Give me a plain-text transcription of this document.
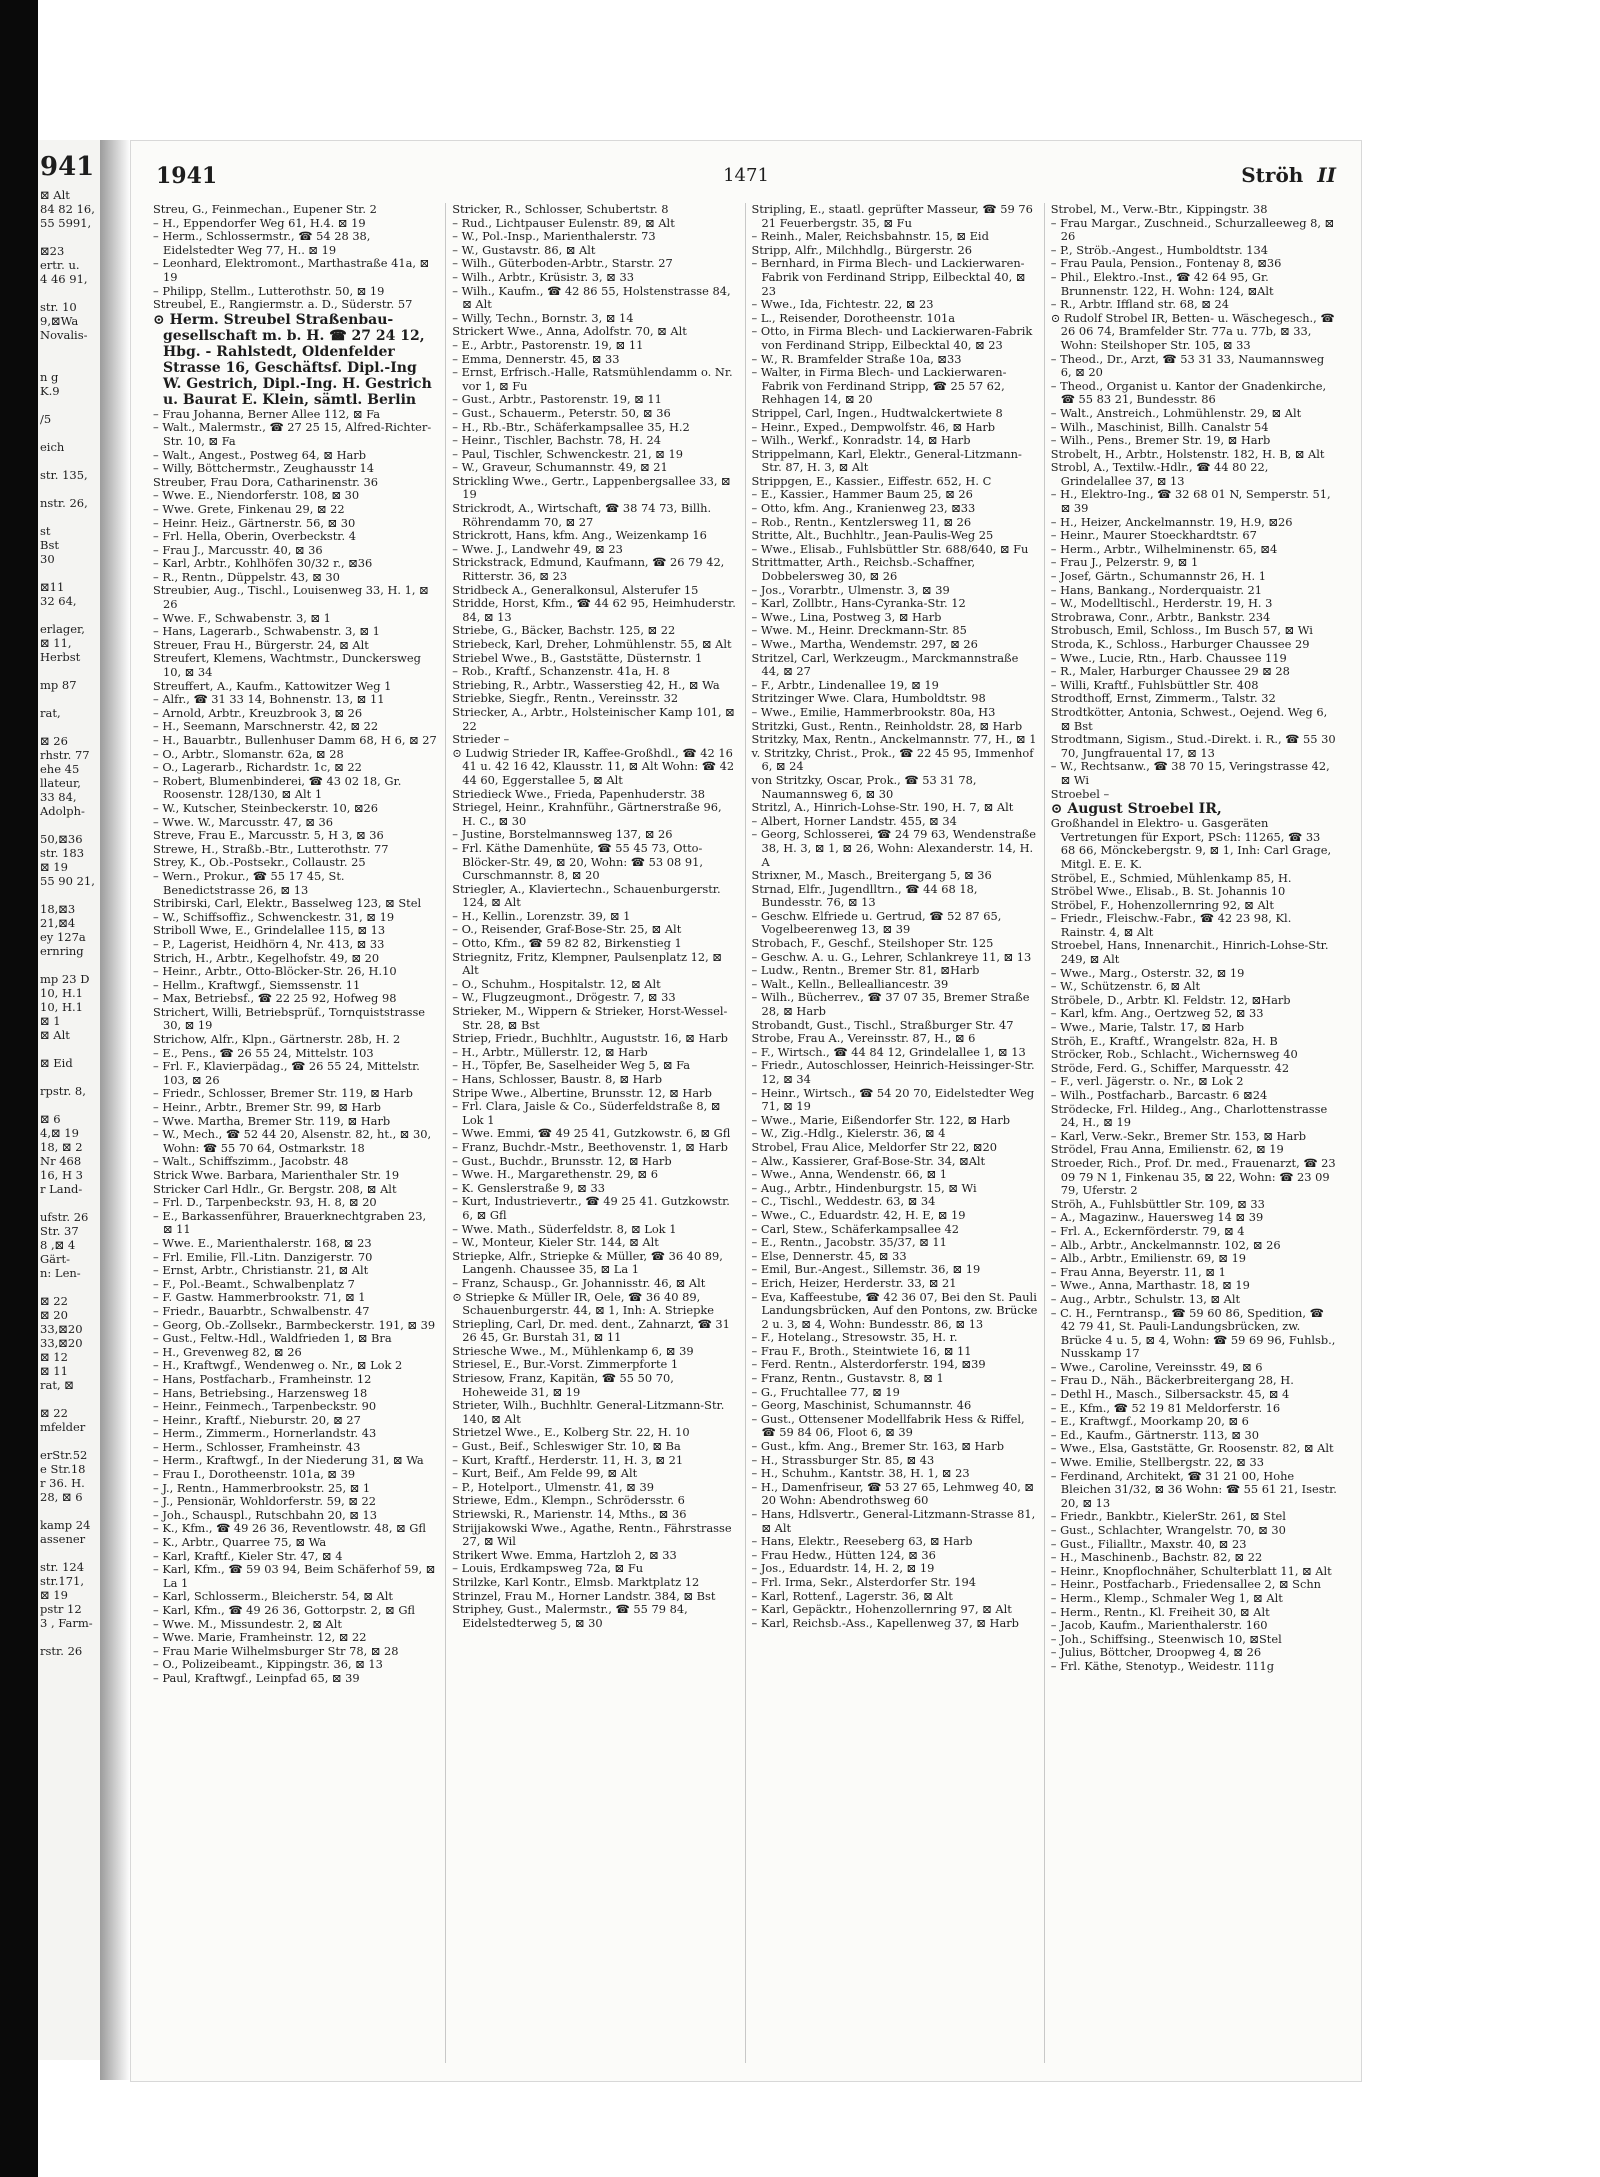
941
⊠ Alt
84 82 16,
55 5991,

⊠23
ertr. u.
4 46 91,

str. 10
9,⊠Wa
Novalis-

n g
K.9

/5

eich

str. 135,

nstr. 26,

st
Bst
30

⊠11
32 64,

erlager,
⊠ 11,
Herbst

mp 87

rat,

⊠ 26
rhstr. 77
ehe 45
llateur,
33 84,
Adolph-

50,⊠36
str. 183
⊠ 19
55 90 21,

18,⊠3
21,⊠4
ey 127a
ernring

mp 23 D
10, H.1
10, H.1
⊠ 1
⊠ Alt

⊠ Eid

rpstr. 8,

⊠ 6
4,⊠ 19
18, ⊠ 2
Nr 468
16, H 3
r Land-

ufstr. 26
Str. 37
8 ,⊠ 4
Gärt-
n: Len-

⊠ 22
⊠ 20
33,⊠20
33,⊠20
⊠ 12
⊠ 11
rat, ⊠

⊠ 22
mfelder

erStr.52
e Str.18
r 36. H.
28, ⊠ 6

kamp 24
assener

str. 124
str.171,
⊠ 19
pstr 12
3 , Farm-

rstr. 26
1941	1471	Ströh II

Streu, G., Feinmechan., Eupener Str. 2

– H., Eppendorfer Weg 61, H.4. ⊠ 19

– Herm., Schlossermstr., ☎ 54 28 38, Eidelstedter Weg 77, H.. ⊠ 19

– Leonhard, Elektromont., Marthastraße 41a, ⊠ 19

– Philipp, Stellm., Lutterothstr. 50, ⊠ 19

Streubel, E., Rangiermstr. a. D., Süderstr. 57

⊙ Herm. Streubel Straßenbau-gesellschaft m. b. H. ☎ 27 24 12, Hbg. - Rahlstedt, Oldenfelder Strasse 16, Geschäftsf. Dipl.-Ing W. Gestrich, Dipl.-Ing. H. Gestrich u. Baurat E. Klein, sämtl. Berlin

– Frau Johanna, Berner Allee 112, ⊠ Fa

– Walt., Malermstr., ☎ 27 25 15, Alfred-Richter-Str. 10, ⊠ Fa

– Walt., Angest., Postweg 64, ⊠ Harb

– Willy, Böttchermstr., Zeughausstr 14

Streuber, Frau Dora, Catharinenstr. 36

– Wwe. E., Niendorferstr. 108, ⊠ 30

– Wwe. Grete, Finkenau 29, ⊠ 22

– Heinr. Heiz., Gärtnerstr. 56, ⊠ 30

– Frl. Hella, Oberin, Overbeckstr. 4

– Frau J., Marcusstr. 40, ⊠ 36

– Karl, Arbtr., Kohlhöfen 30/32 r., ⊠36

– R., Rentn., Düppelstr. 43, ⊠ 30

Streubier, Aug., Tischl., Louisenweg 33, H. 1, ⊠ 26

– Wwe. F., Schwabenstr. 3, ⊠ 1

– Hans, Lagerarb., Schwabenstr. 3, ⊠ 1

Streuer, Frau H., Bürgerstr. 24, ⊠ Alt

Streufert, Klemens, Wachtmstr., Dunckersweg 10, ⊠ 34

Streuffert, A., Kaufm., Kattowitzer Weg 1

– Alfr., ☎ 31 33 14, Bohnenstr. 13, ⊠ 11

– Arnold, Arbtr., Kreuzbrook 3, ⊠ 26

– H., Seemann, Marschnerstr. 42, ⊠ 22

– H., Bauarbtr., Bullenhuser Damm 68, H 6, ⊠ 27

– O., Arbtr., Slomanstr. 62a, ⊠ 28

– O., Lagerarb., Richardstr. 1c, ⊠ 22

– Robert, Blumenbinderei, ☎ 43 02 18, Gr. Roosenstr. 128/130, ⊠ Alt 1

– W., Kutscher, Steinbeckerstr. 10, ⊠26

– Wwe. W., Marcusstr. 47, ⊠ 36

Streve, Frau E., Marcusstr. 5, H 3, ⊠ 36

Strewe, H., Straßb.-Btr., Lutterothstr. 77

Strey, K., Ob.-Postsekr., Collaustr. 25

– Wern., Prokur., ☎ 55 17 45, St. Benedictstrasse 26, ⊠ 13

Stribirski, Carl, Elektr., Basselweg 123, ⊠ Stel

– W., Schiffsoffiz., Schwenckestr. 31, ⊠ 19

Striboll Wwe, E., Grindelallee 115, ⊠ 13

– P., Lagerist, Heidhörn 4, Nr. 413, ⊠ 33

Strich, H., Arbtr., Kegelhofstr. 49, ⊠ 20

– Heinr., Arbtr., Otto-Blöcker-Str. 26, H.10

– Hellm., Kraftwgf., Siemssenstr. 11

– Max, Betriebsf., ☎ 22 25 92, Hofweg 98

Strichert, Willi, Betriebsprüf., Tornquiststrasse 30, ⊠ 19

Strichow, Alfr., Klpn., Gärtnerstr. 28b, H. 2

– E., Pens., ☎ 26 55 24, Mittelstr. 103

– Frl. F., Klavierpädag., ☎ 26 55 24, Mittelstr. 103, ⊠ 26

– Friedr., Schlosser, Bremer Str. 119, ⊠ Harb

– Heinr., Arbtr., Bremer Str. 99, ⊠ Harb

– Wwe. Martha, Bremer Str. 119, ⊠ Harb

– W., Mech., ☎ 52 44 20, Alsenstr. 82, ht., ⊠ 30, Wohn: ☎ 55 70 64, Ostmarkstr. 18

– Walt., Schiffszimm., Jacobstr. 48

Strick Wwe. Barbara, Marienthaler Str. 19

Stricker Carl Hdlr., Gr. Bergstr. 208, ⊠ Alt

– Frl. D., Tarpenbeckstr. 93, H. 8, ⊠ 20

– E., Barkassenführer, Brauerknechtgraben 23, ⊠ 11

– Wwe. E., Marienthalerstr. 168, ⊠ 23

– Frl. Emilie, Fll.-Litn. Danzigerstr. 70

– Ernst, Arbtr., Christianstr. 21, ⊠ Alt

– F., Pol.-Beamt., Schwalbenplatz 7

– F. Gastw. Hammerbrookstr. 71, ⊠ 1

– Friedr., Bauarbtr., Schwalbenstr. 47

– Georg, Ob.-Zollsekr., Barmbeckerstr. 191, ⊠ 39

– Gust., Feltw.-Hdl., Waldfrieden 1, ⊠ Bra

– H., Grevenweg 82, ⊠ 26

– H., Kraftwgf., Wendenweg o. Nr., ⊠ Lok 2

– Hans, Postfacharb., Framheinstr. 12

– Hans, Betriebsing., Harzensweg 18

– Heinr., Feinmech., Tarpenbeckstr. 90

– Heinr., Kraftf., Nieburstr. 20, ⊠ 27

– Herm., Zimmerm., Hornerlandstr. 43

– Herm., Schlosser, Framheinstr. 43

– Herm., Kraftwgf., In der Niederung 31, ⊠ Wa

– Frau I., Dorotheenstr. 101a, ⊠ 39

– J., Rentn., Hammerbrookstr. 25, ⊠ 1

– J., Pensionär, Wohldorferstr. 59, ⊠ 22

– Joh., Schauspl., Rutschbahn 20, ⊠ 13

– K., Kfm., ☎ 49 26 36, Reventlowstr. 48, ⊠ Gfl

– K., Arbtr., Quarree 75, ⊠ Wa

– Karl, Kraftf., Kieler Str. 47, ⊠ 4

– Karl, Kfm., ☎ 59 03 94, Beim Schäferhof 59, ⊠ La 1

– Karl, Schlosserm., Bleicherstr. 54, ⊠ Alt

– Karl, Kfm., ☎ 49 26 36, Gottorpstr. 2, ⊠ Gfl

– Wwe. M., Missundestr. 2, ⊠ Alt

– Wwe. Marie, Framheinstr. 12, ⊠ 22

– Frau Marie Wilhelmsburger Str 78, ⊠ 28

– O., Polizeibeamt., Kippingstr. 36, ⊠ 13

– Paul, Kraftwgf., Leinpfad 65, ⊠ 39

Stricker, R., Schlosser, Schubertstr. 8

– Rud., Lichtpauser Eulenstr. 89, ⊠ Alt

– W., Pol.-Insp., Marienthalerstr. 73

– W., Gustavstr. 86, ⊠ Alt

– Wilh., Güterboden-Arbtr., Starstr. 27

– Wilh., Arbtr., Krüsistr. 3, ⊠ 33

– Wilh., Kaufm., ☎ 42 86 55, Holstenstrasse 84, ⊠ Alt

– Willy, Techn., Bornstr. 3, ⊠ 14

Strickert Wwe., Anna, Adolfstr. 70, ⊠ Alt

– E., Arbtr., Pastorenstr. 19, ⊠ 11

– Emma, Dennerstr. 45, ⊠ 33

– Ernst, Erfrisch.-Halle, Ratsmühlendamm o. Nr. vor 1, ⊠ Fu

– Gust., Arbtr., Pastorenstr. 19, ⊠ 11

– Gust., Schauerm., Peterstr. 50, ⊠ 36

– H., Rb.-Btr., Schäferkampsallee 35, H.2

– Heinr., Tischler, Bachstr. 78, H. 24

– Paul, Tischler, Schwenckestr. 21, ⊠ 19

– W., Graveur, Schumannstr. 49, ⊠ 21

Strickling Wwe., Gertr., Lappenbergsallee 33, ⊠ 19

Strickrodt, A., Wirtschaft, ☎ 38 74 73, Billh. Röhrendamm 70, ⊠ 27

Strickrott, Hans, kfm. Ang., Weizenkamp 16

– Wwe. J., Landwehr 49, ⊠ 23

Strickstrack, Edmund, Kaufmann, ☎ 26 79 42, Ritterstr. 36, ⊠ 23

Stridbeck A., Generalkonsul, Alsterufer 15

Stridde, Horst, Kfm., ☎ 44 62 95, Heimhuderstr. 84, ⊠ 13

Striebe, G., Bäcker, Bachstr. 125, ⊠ 22

Striebeck, Karl, Dreher, Lohmühlenstr. 55, ⊠ Alt

Striebel Wwe., B., Gaststätte, Düsternstr. 1

– Rob., Kraftf., Schanzenstr. 41a, H. 8

Striebing, R., Arbtr., Wasserstieg 42, H., ⊠ Wa

Striebke, Siegfr., Rentn., Vereinsstr. 32

Striecker, A., Arbtr., Holsteinischer Kamp 101, ⊠ 22

Strieder –

⊙ Ludwig Strieder IR, Kaffee-Großhdl., ☎ 42 16 41 u. 42 16 42, Klausstr. 11, ⊠ Alt Wohn: ☎ 42 44 60, Eggerstallee 5, ⊠ Alt

Striedieck Wwe., Frieda, Papenhuderstr. 38

Striegel, Heinr., Krahnführ., Gärtnerstraße 96, H. C., ⊠ 30

– Justine, Borstelmannsweg 137, ⊠ 26

– Frl. Käthe Damenhüte, ☎ 55 45 73, Otto-Blöcker-Str. 49, ⊠ 20, Wohn: ☎ 53 08 91, Curschmannstr. 8, ⊠ 20

Striegler, A., Klaviertechn., Schauenburgerstr. 124, ⊠ Alt

– H., Kellin., Lorenzstr. 39, ⊠ 1

– O., Reisender, Graf-Bose-Str. 25, ⊠ Alt

– Otto, Kfm., ☎ 59 82 82, Birkenstieg 1

Striegnitz, Fritz, Klempner, Paulsenplatz 12, ⊠ Alt

– O., Schuhm., Hospitalstr. 12, ⊠ Alt

– W., Flugzeugmont., Drögestr. 7, ⊠ 33

Strieker, M., Wippern & Strieker, Horst-Wessel-Str. 28, ⊠ Bst

Striep, Friedr., Buchhltr., Auguststr. 16, ⊠ Harb

– H., Arbtr., Müllerstr. 12, ⊠ Harb

– H., Töpfer, Be, Saselheider Weg 5, ⊠ Fa

– Hans, Schlosser, Baustr. 8, ⊠ Harb

Stripe Wwe., Albertine, Brunsstr. 12, ⊠ Harb

– Frl. Clara, Jaisle & Co., Süderfeldstraße 8, ⊠ Lok 1

– Wwe. Emmi, ☎ 49 25 41, Gutzkowstr. 6, ⊠ Gfl

– Franz, Buchdr.-Mstr., Beethovenstr. 1, ⊠ Harb

– Gust., Buchdr., Brunsstr. 12, ⊠ Harb

– Wwe. H., Margarethenstr. 29, ⊠ 6

– K. Genslerstraße 9, ⊠ 33

– Kurt, Industrievertr., ☎ 49 25 41. Gutzkowstr. 6, ⊠ Gfl

– Wwe. Math., Süderfeldstr. 8, ⊠ Lok 1

– W., Monteur, Kieler Str. 144, ⊠ Alt

Striepke, Alfr., Striepke & Müller, ☎ 36 40 89, Langenh. Chaussee 35, ⊠ La 1

– Franz, Schausp., Gr. Johannisstr. 46, ⊠ Alt

⊙ Striepke & Müller IR, Oele, ☎ 36 40 89, Schauenburgerstr. 44, ⊠ 1, Inh: A. Striepke

Striepling, Carl, Dr. med. dent., Zahnarzt, ☎ 31 26 45, Gr. Burstah 31, ⊠ 11

Striesche Wwe., M., Mühlenkamp 6, ⊠ 39

Striesel, E., Bur.-Vorst. Zimmerpforte 1

Striesow, Franz, Kapitän, ☎ 55 50 70, Hoheweide 31, ⊠ 19

Strieter, Wilh., Buchhltr. General-Litzmann-Str. 140, ⊠ Alt

Strietzel Wwe., E., Kolberg Str. 22, H. 10

– Gust., Beif., Schleswiger Str. 10, ⊠ Ba

– Kurt, Kraftf., Herderstr. 11, H. 3, ⊠ 21

– Kurt, Beif., Am Felde 99, ⊠ Alt

– P., Hotelport., Ulmenstr. 41, ⊠ 39

Striewe, Edm., Klempn., Schrödersstr. 6

Striewski, R., Marienstr. 14, Mths., ⊠ 36

Strijjakowski Wwe., Agathe, Rentn., Fährstrasse 27, ⊠ Wil

Strikert Wwe. Emma, Hartzloh 2, ⊠ 33

– Louis, Erdkampsweg 72a, ⊠ Fu

Strilzke, Karl Kontr., Elmsb. Marktplatz 12

Strinzel, Frau M., Horner Landstr. 384, ⊠ Bst

Striphey, Gust., Malermstr., ☎ 55 79 84, Eidelstedterweg 5, ⊠ 30

Stripling, E., staatl. geprüfter Masseur, ☎ 59 76 21 Feuerbergstr. 35, ⊠ Fu

– Reinh., Maler, Reichsbahnstr. 15, ⊠ Eid

Stripp, Alfr., Milchhdlg., Bürgerstr. 26

– Bernhard, in Firma Blech- und Lackierwaren-Fabrik von Ferdinand Stripp, Eilbecktal 40, ⊠ 23

– Wwe., Ida, Fichtestr. 22, ⊠ 23

– L., Reisender, Dorotheenstr. 101a

– Otto, in Firma Blech- und Lackierwaren-Fabrik von Ferdinand Stripp, Eilbecktal 40, ⊠ 23

– W., R. Bramfelder Straße 10a, ⊠33

– Walter, in Firma Blech- und Lackierwaren-Fabrik von Ferdinand Stripp, ☎ 25 57 62, Rehhagen 14, ⊠ 20

Strippel, Carl, Ingen., Hudtwalckertwiete 8

– Heinr., Exped., Dempwolfstr. 46, ⊠ Harb

– Wilh., Werkf., Konradstr. 14, ⊠ Harb

Strippelmann, Karl, Elektr., General-Litzmann-Str. 87, H. 3, ⊠ Alt

Strippgen, E., Kassier., Eiffestr. 652, H. C

– E., Kassier., Hammer Baum 25, ⊠ 26

– Otto, kfm. Ang., Kranienweg 23, ⊠33

– Rob., Rentn., Kentzlersweg 11, ⊠ 26

Stritte, Alt., Buchhltr., Jean-Paulis-Weg 25

– Wwe., Elisab., Fuhlsbüttler Str. 688/640, ⊠ Fu

Strittmatter, Arth., Reichsb.-Schaffner, Dobbelersweg 30, ⊠ 26

– Jos., Vorarbtr., Ulmenstr. 3, ⊠ 39

– Karl, Zollbtr., Hans-Cyranka-Str. 12

– Wwe., Lina, Postweg 3, ⊠ Harb

– Wwe. M., Heinr. Dreckmann-Str. 85

– Wwe., Martha, Wendemstr. 297, ⊠ 26

Stritzel, Carl, Werkzeugm., Marckmannstraße 44, ⊠ 27

– F., Arbtr., Lindenallee 19, ⊠ 19

Stritzinger Wwe. Clara, Humboldtstr. 98

– Wwe., Emilie, Hammerbrookstr. 80a, H3

Stritzki, Gust., Rentn., Reinholdstr. 28, ⊠ Harb

Stritzky, Max, Rentn., Anckelmannstr. 77, H., ⊠ 1

v. Stritzky, Christ., Prok., ☎ 22 45 95, Immenhof 6, ⊠ 24

von Stritzky, Oscar, Prok., ☎ 53 31 78, Naumannsweg 6, ⊠ 30

Stritzl, A., Hinrich-Lohse-Str. 190, H. 7, ⊠ Alt

– Albert, Horner Landstr. 455, ⊠ 34

– Georg, Schlosserei, ☎ 24 79 63, Wendenstraße 38, H. 3, ⊠ 1, ⊠ 26, Wohn: Alexanderstr. 14, H. A

Strixner, M., Masch., Breitergang 5, ⊠ 36

Strnad, Elfr., Jugendlltrn., ☎ 44 68 18, Bundesstr. 76, ⊠ 13

– Geschw. Elfriede u. Gertrud, ☎ 52 87 65, Vogelbeerenweg 13, ⊠ 39

Strobach, F., Geschf., Steilshoper Str. 125

– Geschw. A. u. G., Lehrer, Schlankreye 11, ⊠ 13

– Ludw., Rentn., Bremer Str. 81, ⊠Harb

– Walt., Kelln., Bellealliancestr. 39

– Wilh., Bücherrev., ☎ 37 07 35, Bremer Straße 28, ⊠ Harb

Strobandt, Gust., Tischl., Straßburger Str. 47

Strobe, Frau A., Vereinsstr. 87, H., ⊠ 6

– F., Wirtsch., ☎ 44 84 12, Grindelallee 1, ⊠ 13

– Friedr., Autoschlosser, Heinrich-Heissinger-Str. 12, ⊠ 34

– Heinr., Wirtsch., ☎ 54 20 70, Eidelstedter Weg 71, ⊠ 19

– Wwe., Marie, Eißendorfer Str. 122, ⊠ Harb

– W., Zig.-Hdlg., Kielerstr. 36, ⊠ 4

Strobel, Frau Alice, Meldorfer Str 22, ⊠20

– Alw., Kassierer, Graf-Bose-Str. 34, ⊠Alt

– Wwe., Anna, Wendenstr. 66, ⊠ 1

– Aug., Arbtr., Hindenburgstr. 15, ⊠ Wi

– C., Tischl., Weddestr. 63, ⊠ 34

– Wwe., C., Eduardstr. 42, H. E, ⊠ 19

– Carl, Stew., Schäferkampsallee 42

– E., Rentn., Jacobstr. 35/37, ⊠ 11

– Else, Dennerstr. 45, ⊠ 33

– Emil, Bur.-Angest., Sillemstr. 36, ⊠ 19

– Erich, Heizer, Herderstr. 33, ⊠ 21

– Eva, Kaffeestube, ☎ 42 36 07, Bei den St. Pauli Landungsbrücken, Auf den Pontons, zw. Brücke 2 u. 3, ⊠ 4, Wohn: Bundesstr. 86, ⊠ 13

– F., Hotelang., Stresowstr. 35, H. r.

– Frau F., Broth., Steintwiete 16, ⊠ 11

– Ferd. Rentn., Alsterdorferstr. 194, ⊠39

– Franz, Rentn., Gustavstr. 8, ⊠ 1

– G., Fruchtallee 77, ⊠ 19

– Georg, Maschinist, Schumannstr. 46

– Gust., Ottensener Modellfabrik Hess & Riffel, ☎ 59 84 06, Floot 6, ⊠ 39

– Gust., kfm. Ang., Bremer Str. 163, ⊠ Harb

– H., Strassburger Str. 85, ⊠ 43

– H., Schuhm., Kantstr. 38, H. 1, ⊠ 23

– H., Damenfriseur, ☎ 53 27 65, Lehmweg 40, ⊠ 20 Wohn: Abendrothsweg 60

– Hans, Hdlsvertr., General-Litzmann-Strasse 81, ⊠ Alt

– Hans, Elektr., Reeseberg 63, ⊠ Harb

– Frau Hedw., Hütten 124, ⊠ 36

– Jos., Eduardstr. 14, H. 2, ⊠ 19

– Frl. Irma, Sekr., Alsterdorfer Str. 194

– Karl, Rottenf., Lagerstr. 36, ⊠ Alt

– Karl, Gepäcktr., Hohenzollernring 97, ⊠ Alt

– Karl, Reichsb.-Ass., Kapellenweg 37, ⊠ Harb

Strobel, M., Verw.-Btr., Kippingstr. 38

– Frau Margar., Zuschneid., Schurzalleeweg 8, ⊠ 26

– P., Ströb.-Angest., Humboldtstr. 134

– Frau Paula, Pension., Fontenay 8, ⊠36

– Phil., Elektro.-Inst., ☎ 42 64 95, Gr. Brunnenstr. 122, H. Wohn: 124, ⊠Alt

– R., Arbtr. Iffland str. 68, ⊠ 24

⊙ Rudolf Strobel IR, Betten- u. Wäschegesch., ☎ 26 06 74, Bramfelder Str. 77a u. 77b, ⊠ 33, Wohn: Steilshoper Str. 105, ⊠ 33

– Theod., Dr., Arzt, ☎ 53 31 33, Naumannsweg 6, ⊠ 20

– Theod., Organist u. Kantor der Gnadenkirche, ☎ 55 83 21, Bundesstr. 86

– Walt., Anstreich., Lohmühlenstr. 29, ⊠ Alt

– Wilh., Maschinist, Billh. Canalstr 54

– Wilh., Pens., Bremer Str. 19, ⊠ Harb

Strobelt, H., Arbtr., Holstenstr. 182, H. B, ⊠ Alt

Strobl, A., Textilw.-Hdlr., ☎ 44 80 22, Grindelallee 37, ⊠ 13

– H., Elektro-Ing., ☎ 32 68 01 N, Semperstr. 51, ⊠ 39

– H., Heizer, Anckelmannstr. 19, H.9, ⊠26

– Heinr., Maurer Stoeckhardtstr. 67

– Herm., Arbtr., Wilhelminenstr. 65, ⊠4

– Frau J., Pelzerstr. 9, ⊠ 1

– Josef, Gärtn., Schumannstr 26, H. 1

– Hans, Bankang., Norderquaistr. 21

– W., Modelltischl., Herderstr. 19, H. 3

Strobrawa, Conr., Arbtr., Bankstr. 234

Strobusch, Emil, Schloss., Im Busch 57, ⊠ Wi

Stroda, K., Schloss., Harburger Chaussee 29

– Wwe., Lucie, Rtn., Harb. Chaussee 119

– R., Maler, Harburger Chaussee 29 ⊠ 28

– Willi, Kraftf., Fuhlsbüttler Str. 408

Strodthoff, Ernst, Zimmerm., Talstr. 32

Strodtkötter, Antonia, Schwest., Oejend. Weg 6, ⊠ Bst

Strodtmann, Sigism., Stud.-Direkt. i. R., ☎ 55 30 70, Jungfrauental 17, ⊠ 13

– W., Rechtsanw., ☎ 38 70 15, Veringstrasse 42, ⊠ Wi

Stroebel –

⊙ August Stroebel IR,

Großhandel in Elektro- u. Gasgeräten Vertretungen für Export, PSch: 11265, ☎ 33 68 66, Mönckebergstr. 9, ⊠ 1, Inh: Carl Grage, Mitgl. E. E. K.

Ströbel, E., Schmied, Mühlenkamp 85, H.

Ströbel Wwe., Elisab., B. St. Johannis 10

Ströbel, F., Hohenzollernring 92, ⊠ Alt

– Friedr., Fleischw.-Fabr., ☎ 42 23 98, Kl. Rainstr. 4, ⊠ Alt

Stroebel, Hans, Innenarchit., Hinrich-Lohse-Str. 249, ⊠ Alt

– Wwe., Marg., Osterstr. 32, ⊠ 19

– W., Schützenstr. 6, ⊠ Alt

Ströbele, D., Arbtr. Kl. Feldstr. 12, ⊠Harb

– Karl, kfm. Ang., Oertzweg 52, ⊠ 33

– Wwe., Marie, Talstr. 17, ⊠ Harb

Ströh, E., Kraftf., Wrangelstr. 82a, H. B

Ströcker, Rob., Schlacht., Wichernsweg 40

Ströde, Ferd. G., Schiffer, Marquesstr. 42

– F., verl. Jägerstr. o. Nr., ⊠ Lok 2

– Wilh., Postfacharb., Barcastr. 6 ⊠24

Strödecke, Frl. Hildeg., Ang., Charlottenstrasse 24, H., ⊠ 19

– Karl, Verw.-Sekr., Bremer Str. 153, ⊠ Harb

Strödel, Frau Anna, Emilienstr. 62, ⊠ 19

Stroeder, Rich., Prof. Dr. med., Frauenarzt, ☎ 23 09 79 N 1, Finkenau 35, ⊠ 22, Wohn: ☎ 23 09 79, Uferstr. 2

Ströh, A., Fuhlsbüttler Str. 109, ⊠ 33

– A., Magazinw., Hauersweg 14 ⊠ 39

– Frl. A., Eckernförderstr. 79, ⊠ 4

– Alb., Arbtr., Anckelmannstr. 102, ⊠ 26

– Alb., Arbtr., Emilienstr. 69, ⊠ 19

– Frau Anna, Beyerstr. 11, ⊠ 1

– Wwe., Anna, Marthastr. 18, ⊠ 19

– Aug., Arbtr., Schulstr. 13, ⊠ Alt

– C. H., Ferntransp., ☎ 59 60 86, Spedition, ☎ 42 79 41, St. Pauli-Landungsbrücken, zw. Brücke 4 u. 5, ⊠ 4, Wohn: ☎ 59 69 96, Fuhlsb., Nusskamp 17

– Wwe., Caroline, Vereinsstr. 49, ⊠ 6

– Frau D., Näh., Bäckerbreitergang 28, H.

– Dethl H., Masch., Silbersackstr. 45, ⊠ 4

– E., Kfm., ☎ 52 19 81 Meldorferstr. 16

– E., Kraftwgf., Moorkamp 20, ⊠ 6

– Ed., Kaufm., Gärtnerstr. 113, ⊠ 30

– Wwe., Elsa, Gaststätte, Gr. Roosenstr. 82, ⊠ Alt

– Wwe. Emilie, Stellbergstr. 22, ⊠ 33

– Ferdinand, Architekt, ☎ 31 21 00, Hohe Bleichen 31/32, ⊠ 36 Wohn: ☎ 55 61 21, Isestr. 20, ⊠ 13

– Friedr., Bankbtr., KielerStr. 261, ⊠ Stel

– Gust., Schlachter, Wrangelstr. 70, ⊠ 30

– Gust., Filialltr., Maxstr. 40, ⊠ 23

– H., Maschinenb., Bachstr. 82, ⊠ 22

– Heinr., Knopflochnäher, Schulterblatt 11, ⊠ Alt

– Heinr., Postfacharb., Friedensallee 2, ⊠ Schn

– Herm., Klemp., Schmaler Weg 1, ⊠ Alt

– Herm., Rentn., Kl. Freiheit 30, ⊠ Alt

– Jacob, Kaufm., Marienthalerstr. 160

– Joh., Schiffsing., Steenwisch 10, ⊠Stel

– Julius, Böttcher, Droopweg 4, ⊠ 26

– Frl. Käthe, Stenotyp., Weidestr. 111g
